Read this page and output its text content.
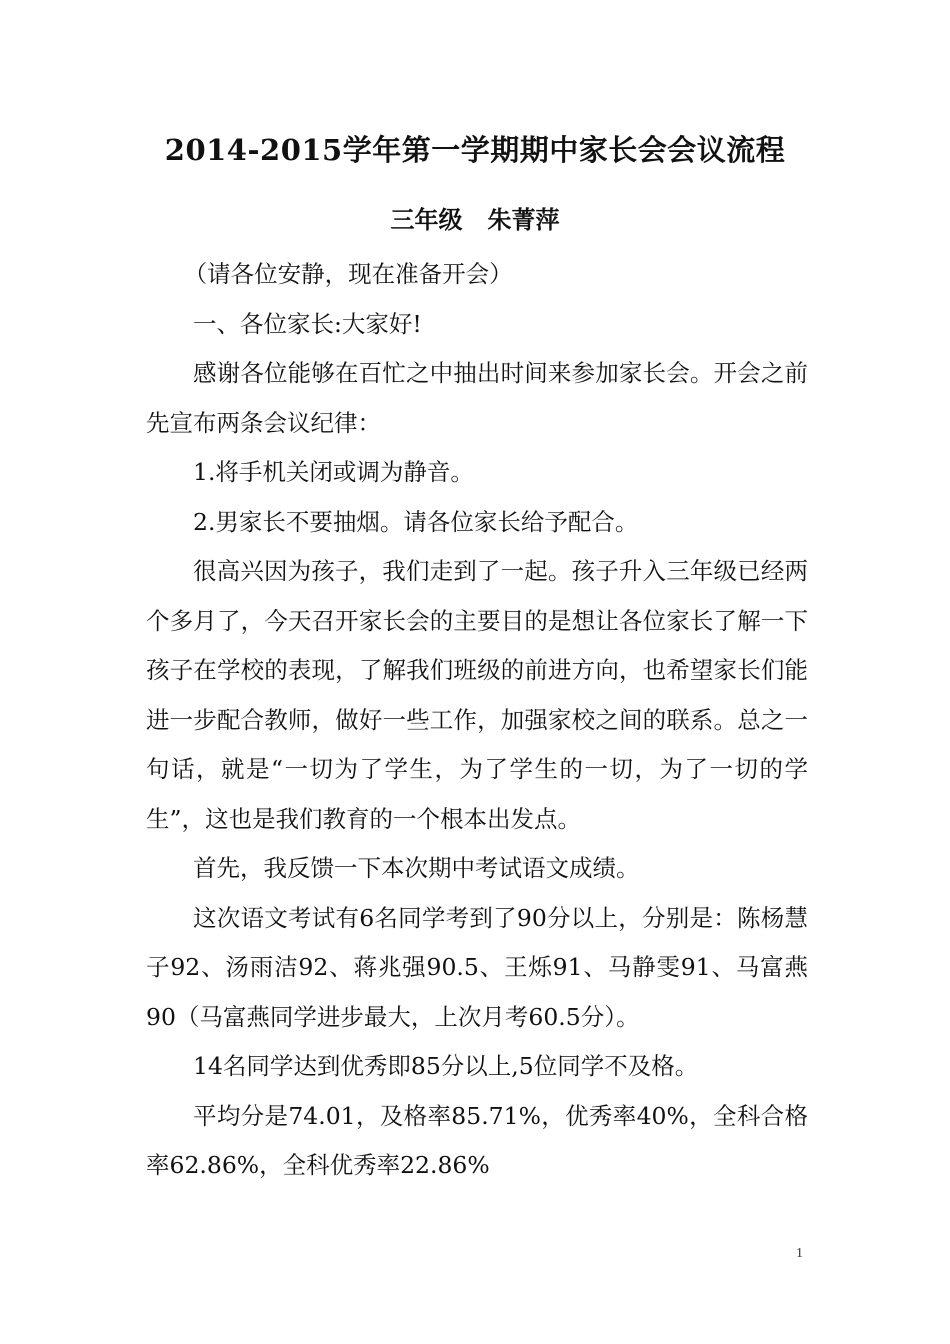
2014-2015学年第一学期期中家长会会议流程
三年级   朱菁萍

（请各位安静，现在准备开会）

一、各位家长:大家好!

感谢各位能够在百忙之中抽出时间来参加家长会。开会之前先宣布两条会议纪律：

1.将手机关闭或调为静音。

2.男家长不要抽烟。请各位家长给予配合。

很高兴因为孩子，我们走到了一起。孩子升入三年级已经两个多月了，今天召开家长会的主要目的是想让各位家长了解一下孩子在学校的表现，了解我们班级的前进方向，也希望家长们能进一步配合教师，做好一些工作，加强家校之间的联系。总之一句话，就是“一切为了学生，为了学生的一切，为了一切的学生”，这也是我们教育的一个根本出发点。

首先，我反馈一下本次期中考试语文成绩。

这次语文考试有6名同学考到了90分以上，分别是：陈杨慧子92、汤雨洁92、蒋兆强90.5、王烁91、马静雯91、马富燕90（马富燕同学进步最大，上次月考60.5分）。

14名同学达到优秀即85分以上,5位同学不及格。

平均分是74.01，及格率85.71%，优秀率40%，全科合格率62.86%，全科优秀率22.86%

1
